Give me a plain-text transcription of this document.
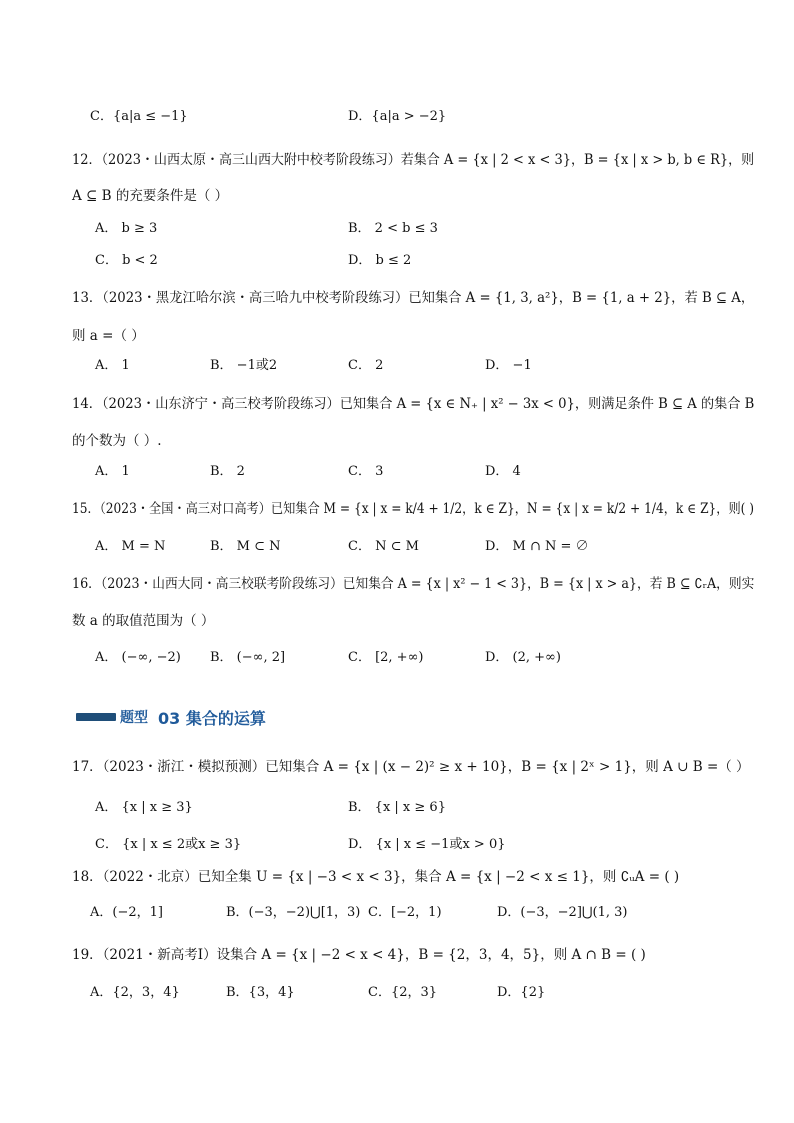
C．{a|a ≤ −1}	D．{a|a > −2}
12．（2023・山西太原・高三山西大附中校考阶段练习）若集合 A = {x | 2 < x < 3}，B = {x | x > b, b ∈ R}，则
A ⊆ B 的充要条件是（ ）
A． b ≥ 3	B． 2 < b ≤ 3
C． b < 2	D． b ≤ 2
13．（2023・黑龙江哈尔滨・高三哈九中校考阶段练习）已知集合 A = {1, 3, a²}，B = {1, a + 2}，若 B ⊆ A，
则 a =（ ）
A． 1	B． −1或2	C． 2	D． −1
14．（2023・山东济宁・高三校考阶段练习）已知集合 A = {x ∈ N₊ | x² − 3x < 0}，则满足条件 B ⊆ A 的集合 B
的个数为（ ）.
A． 1	B． 2	C． 3	D． 4
15．（2023・全国・高三对口高考）已知集合 M = {x | x = k/4 + 1/2，k ∈ Z}，N = {x | x = k/2 + 1/4，k ∈ Z}，则( )
A． M = N	B． M ⊂ N	C． N ⊂ M	D． M ∩ N = ∅
16．（2023・山西大同・高三校联考阶段练习）已知集合 A = {x | x² − 1 < 3}，B = {x | x > a}，若 B ⊆ ∁ᵣA，则实
数 a 的取值范围为（ ）
A． (−∞, −2) B． (−∞, 2]	C． [2, +∞)	D． (2, +∞)
题型 03 集合的运算
17．（2023・浙江・模拟预测）已知集合 A = {x | (x − 2)² ≥ x + 10}，B = {x | 2ˣ > 1}，则 A ∪ B =（ ）
A． {x | x ≥ 3}	B． {x | x ≥ 6}
C． {x | x ≤ 2或x ≥ 3}	D． {x | x ≤ −1或x > 0}
18．（2022・北京）已知全集 U = {x | −3 < x < 3}，集合 A = {x | −2 < x ≤ 1}，则 ∁ᵤA = ( )
A．(−2，1]	B．(−3，−2)⋃[1，3) C．[−2，1)	D．(−3，−2]⋃(1, 3)
19．（2021・新高考Ⅰ）设集合 A = {x | −2 < x < 4}，B = {2，3，4，5}，则 A ∩ B = ( )
A．{2，3，4}	B．{3，4}	C．{2，3}	D．{2}
